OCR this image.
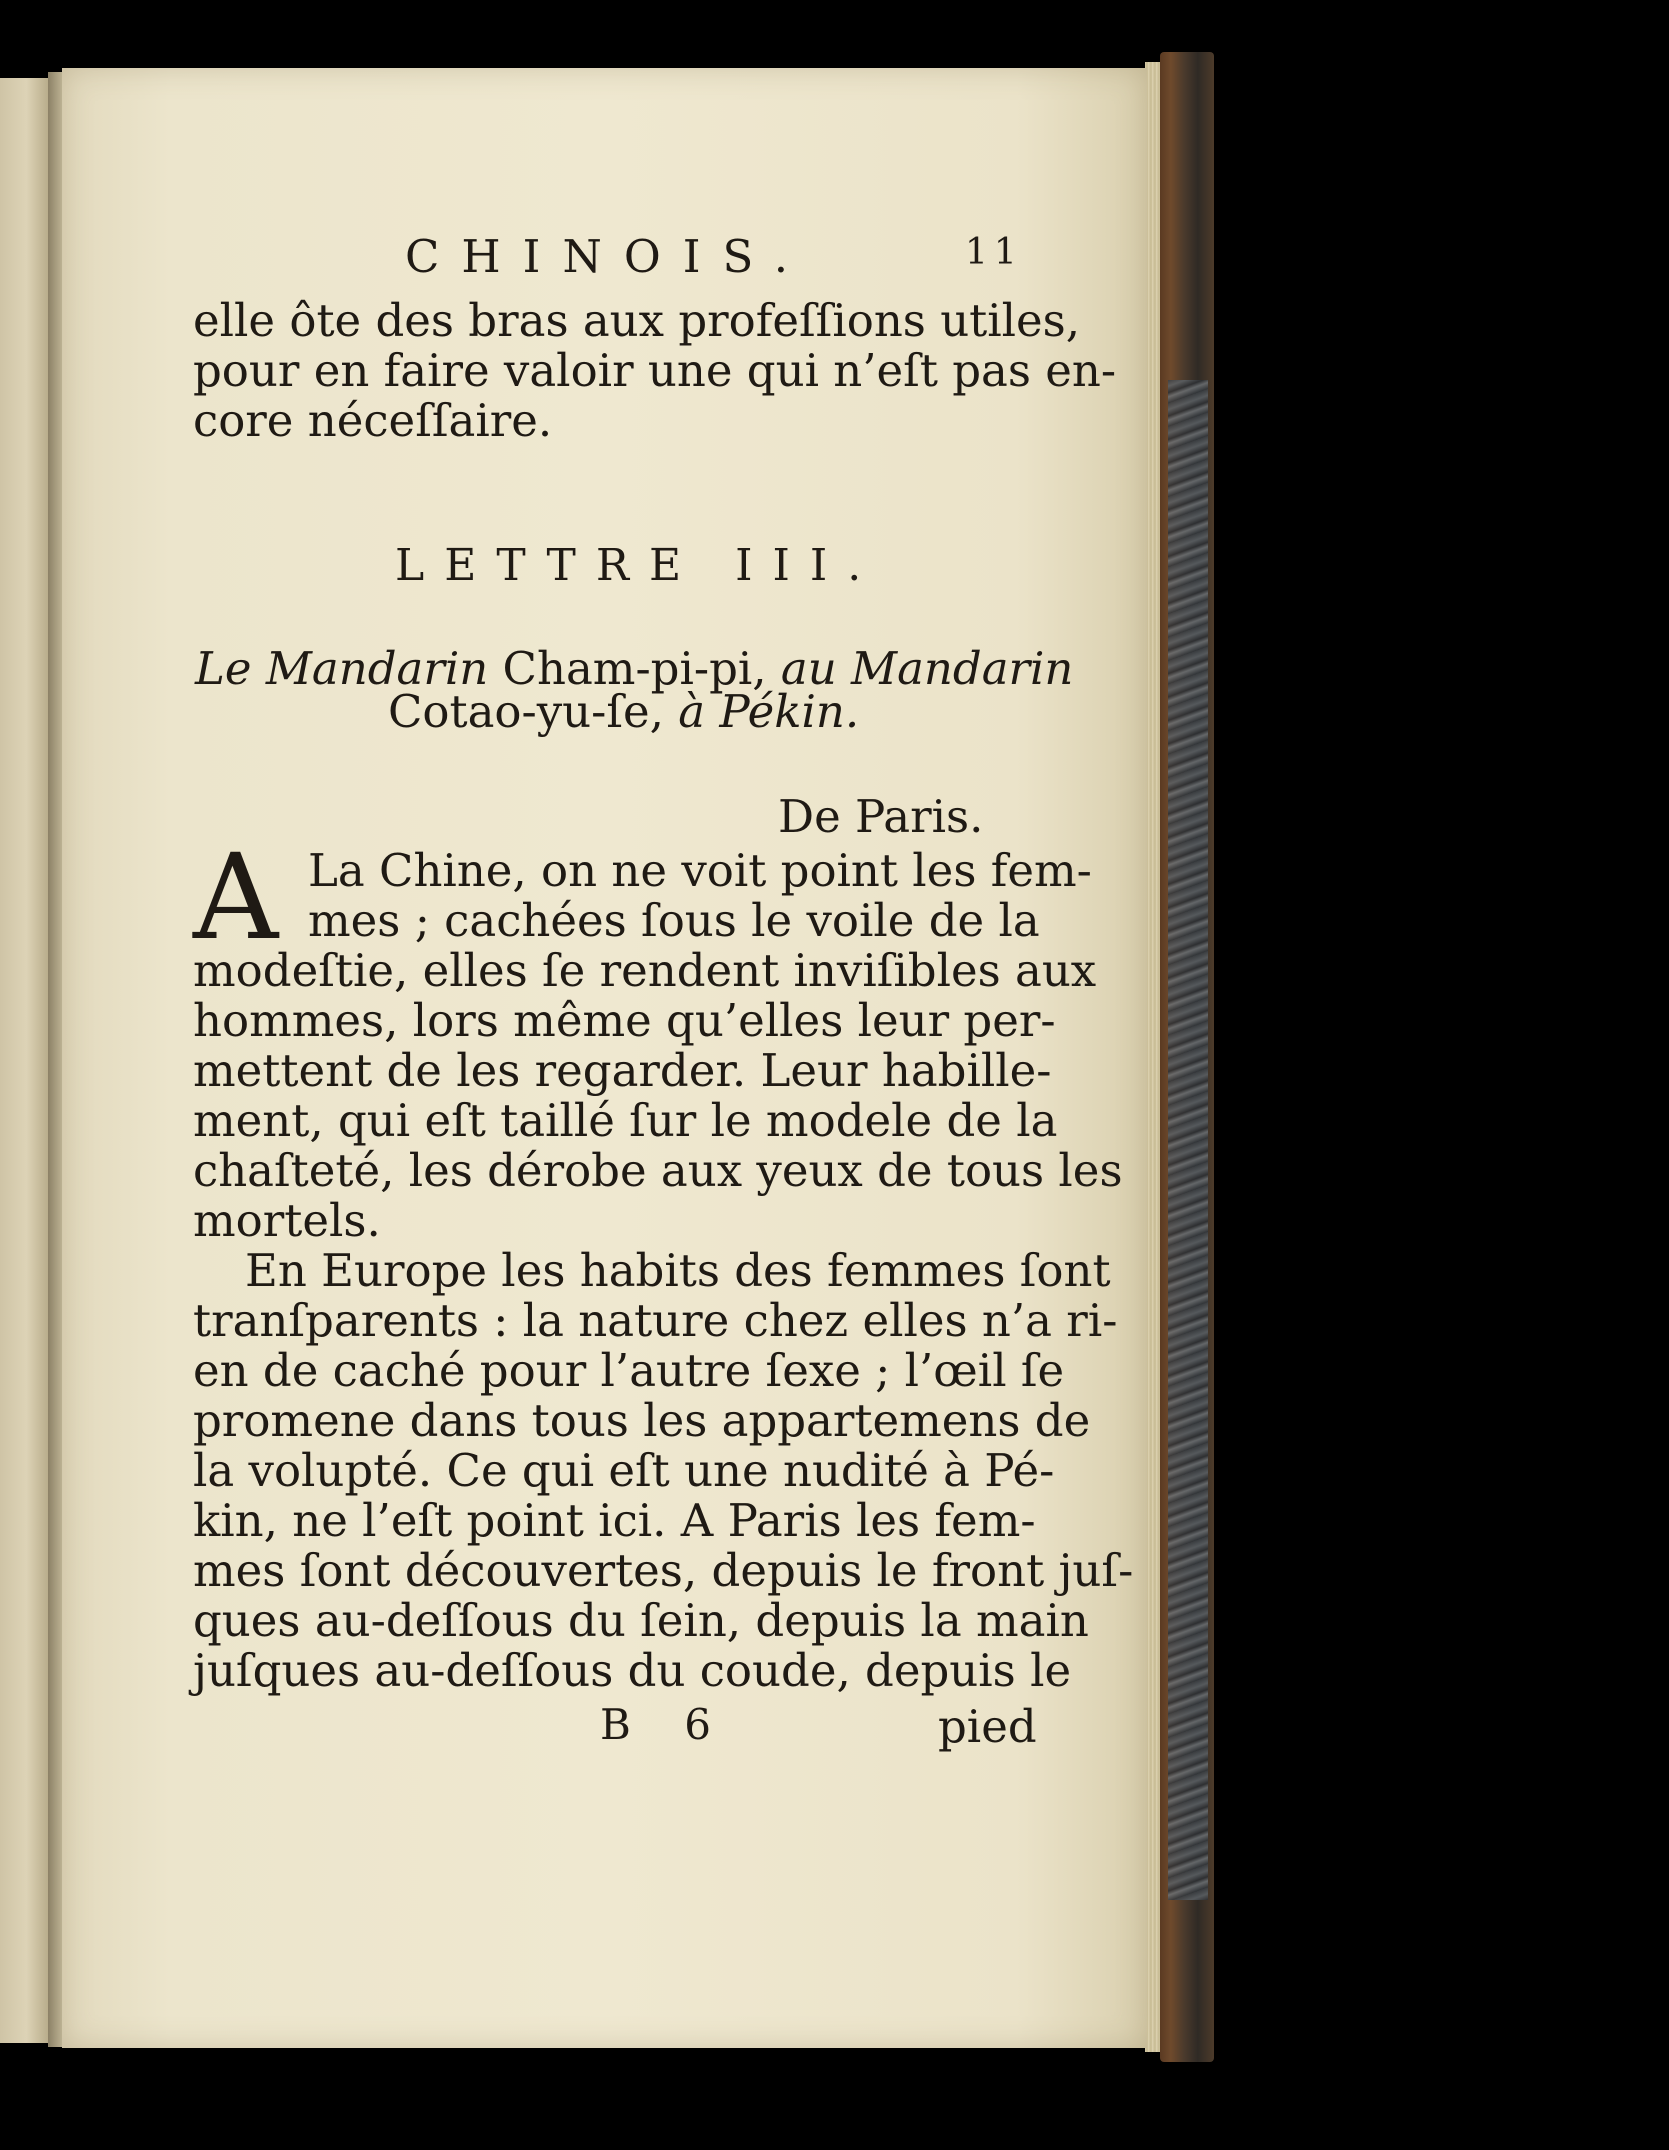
CHINOIS.	11
elle ôte des bras aux profeſſions utiles,
pour en faire valoir une qui n’eſt pas en-
core néceſſaire.
LETTRE III.
Le Mandarin Cham-pi-pi, au Mandarin
Cotao-yu-ſe, à Pékin.
De Paris.
A La Chine, on ne voit point les fem-
mes ; cachées ſous le voile de la
modeſtie, elles ſe rendent inviſibles aux
hommes, lors même qu’elles leur per-
mettent de les regarder. Leur habille-
ment, qui eſt taillé ſur le modele de la
chaſteté, les dérobe aux yeux de tous les
mortels.
En Europe les habits des femmes ſont
tranſparents : la nature chez elles n’a ri-
en de caché pour l’autre ſexe ; l’œil ſe
promene dans tous les appartemens de
la volupté. Ce qui eſt une nudité à Pé-
kin, ne l’eſt point ici. A Paris les fem-
mes ſont découvertes, depuis le front juſ-
ques au-deſſous du ſein, depuis la main
juſques au-deſſous du coude, depuis le
B 6	pied
